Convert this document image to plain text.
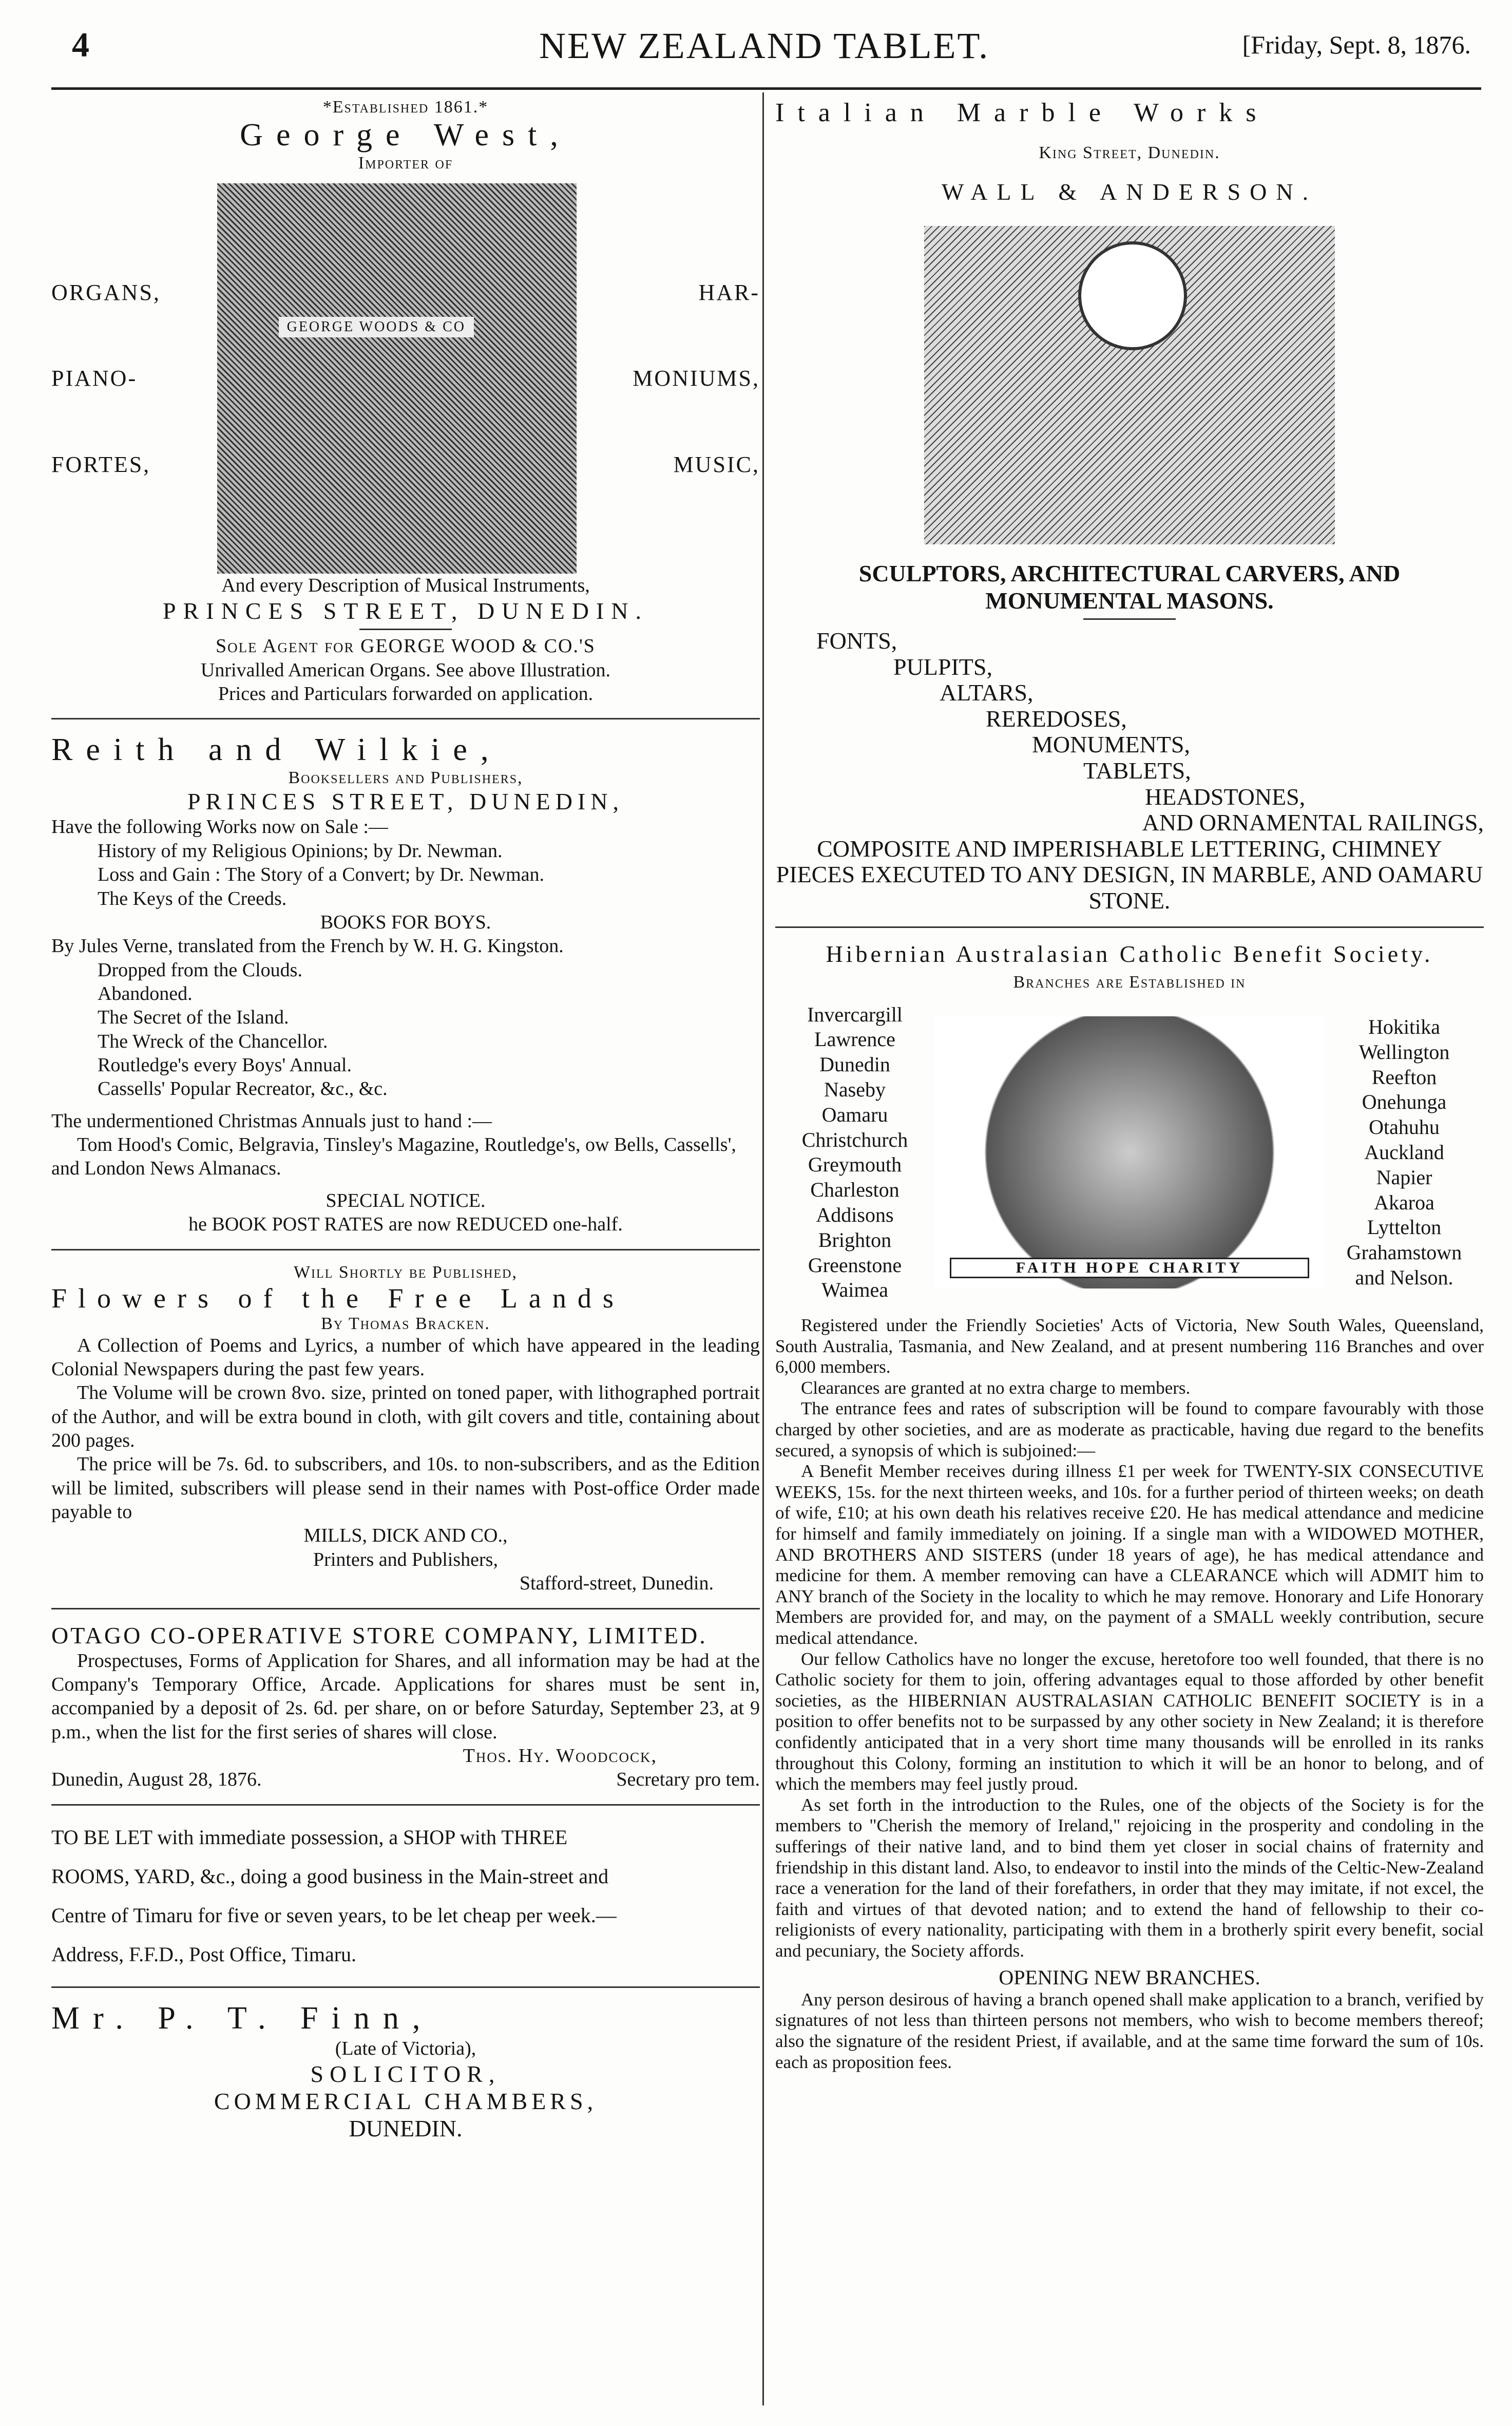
4	NEW ZEALAND TABLET.	[Friday, Sept. 8, 1876.

*Established 1861.*

George West,

Importer of

ORGANS,

PIANO-

FORTES,

GEORGE WOODS & CO

HAR-

MONIUMS,

MUSIC,

And every Description of Musical Instruments,

PRINCES STREET, DUNEDIN.

Sole Agent for GEORGE WOOD & CO.'S

Unrivalled American Organs. See above Illustration.

Prices and Particulars forwarded on application.

Reith and Wilkie,

Booksellers and Publishers,

PRINCES STREET, DUNEDIN,

Have the following Works now on Sale :—

History of my Religious Opinions; by Dr. Newman.

Loss and Gain : The Story of a Convert; by Dr. Newman.

The Keys of the Creeds.

BOOKS FOR BOYS.

By Jules Verne, translated from the French by W. H. G. Kingston.

Dropped from the Clouds.

Abandoned.

The Secret of the Island.

The Wreck of the Chancellor.

Routledge's every Boys' Annual.

Cassells' Popular Recreator, &c., &c.

The undermentioned Christmas Annuals just to hand :—

Tom Hood's Comic, Belgravia, Tinsley's Magazine, Routledge's, ow Bells, Cassells', and London News Almanacs.

SPECIAL NOTICE.

he BOOK POST RATES are now REDUCED one-half.

Will Shortly be Published,

Flowers of the Free Lands

By Thomas Bracken.

A Collection of Poems and Lyrics, a number of which have appeared in the leading Colonial Newspapers during the past few years.

The Volume will be crown 8vo. size, printed on toned paper, with lithographed portrait of the Author, and will be extra bound in cloth, with gilt covers and title, containing about 200 pages.

The price will be 7s. 6d. to subscribers, and 10s. to non-subscribers, and as the Edition will be limited, subscribers will please send in their names with Post-office Order made payable to

MILLS, DICK AND CO.,

Printers and Publishers,

Stafford-street, Dunedin.

OTAGO CO-OPERATIVE STORE COMPANY, LIMITED.

Prospectuses, Forms of Application for Shares, and all information may be had at the Company's Temporary Office, Arcade. Applications for shares must be sent in, accompanied by a deposit of 2s. 6d. per share, on or before Saturday, September 23, at 9 p.m., when the list for the first series of shares will close.

Thos. Hy. Woodcock,

Dunedin, August 28, 1876.	Secretary pro tem.

TO BE LET with immediate possession, a SHOP with THREE

ROOMS, YARD, &c., doing a good business in the Main-street and

Centre of Timaru for five or seven years, to be let cheap per week.—

Address, F.F.D., Post Office, Timaru.

Mr. P. T. Finn,

(Late of Victoria),

SOLICITOR,

COMMERCIAL CHAMBERS,

DUNEDIN.

Italian Marble Works

King Street, Dunedin.

WALL & ANDERSON.

SCULPTORS, ARCHITECTURAL CARVERS, AND MONUMENTAL MASONS.

FONTS,

PULPITS,

ALTARS,

REREDOSES,

MONUMENTS,

TABLETS,

HEADSTONES,

AND ORNAMENTAL RAILINGS,

COMPOSITE AND IMPERISHABLE LETTERING, CHIMNEY PIECES EXECUTED TO ANY DESIGN, IN MARBLE, AND OAMARU STONE.

Hibernian Australasian Catholic Benefit Society.

Branches are Established in

Invercargill

Lawrence

Dunedin

Naseby

Oamaru

Christchurch

Greymouth

Charleston

Addisons

Brighton

Greenstone

Waimea

FAITH HOPE CHARITY

Hokitika

Wellington

Reefton

Onehunga

Otahuhu

Auckland

Napier

Akaroa

Lyttelton

Grahamstown

and Nelson.

Registered under the Friendly Societies' Acts of Victoria, New South Wales, Queensland, South Australia, Tasmania, and New Zealand, and at present numbering 116 Branches and over 6,000 members.

Clearances are granted at no extra charge to members.

The entrance fees and rates of subscription will be found to compare favourably with those charged by other societies, and are as moderate as practicable, having due regard to the benefits secured, a synopsis of which is subjoined:—

A Benefit Member receives during illness £1 per week for TWENTY-SIX CONSECUTIVE WEEKS, 15s. for the next thirteen weeks, and 10s. for a further period of thirteen weeks; on death of wife, £10; at his own death his relatives receive £20. He has medical attendance and medicine for himself and family immediately on joining. If a single man with a WIDOWED MOTHER, AND BROTHERS AND SISTERS (under 18 years of age), he has medical attendance and medicine for them. A member removing can have a CLEARANCE which will ADMIT him to ANY branch of the Society in the locality to which he may remove. Honorary and Life Honorary Members are provided for, and may, on the payment of a SMALL weekly contribution, secure medical attendance.

Our fellow Catholics have no longer the excuse, heretofore too well founded, that there is no Catholic society for them to join, offering advantages equal to those afforded by other benefit societies, as the HIBERNIAN AUSTRALASIAN CATHOLIC BENEFIT SOCIETY is in a position to offer benefits not to be surpassed by any other society in New Zealand; it is therefore confidently anticipated that in a very short time many thousands will be enrolled in its ranks throughout this Colony, forming an institution to which it will be an honor to belong, and of which the members may feel justly proud.

As set forth in the introduction to the Rules, one of the objects of the Society is for the members to "Cherish the memory of Ireland," rejoicing in the prosperity and condoling in the sufferings of their native land, and to bind them yet closer in social chains of fraternity and friendship in this distant land. Also, to endeavor to instil into the minds of the Celtic-New-Zealand race a veneration for the land of their forefathers, in order that they may imitate, if not excel, the faith and virtues of that devoted nation; and to extend the hand of fellowship to their co-religionists of every nationality, participating with them in a brotherly spirit every benefit, social and pecuniary, the Society affords.

OPENING NEW BRANCHES.

Any person desirous of having a branch opened shall make application to a branch, verified by signatures of not less than thirteen persons not members, who wish to become members thereof; also the signature of the resident Priest, if available, and at the same time forward the sum of 10s. each as proposition fees.
